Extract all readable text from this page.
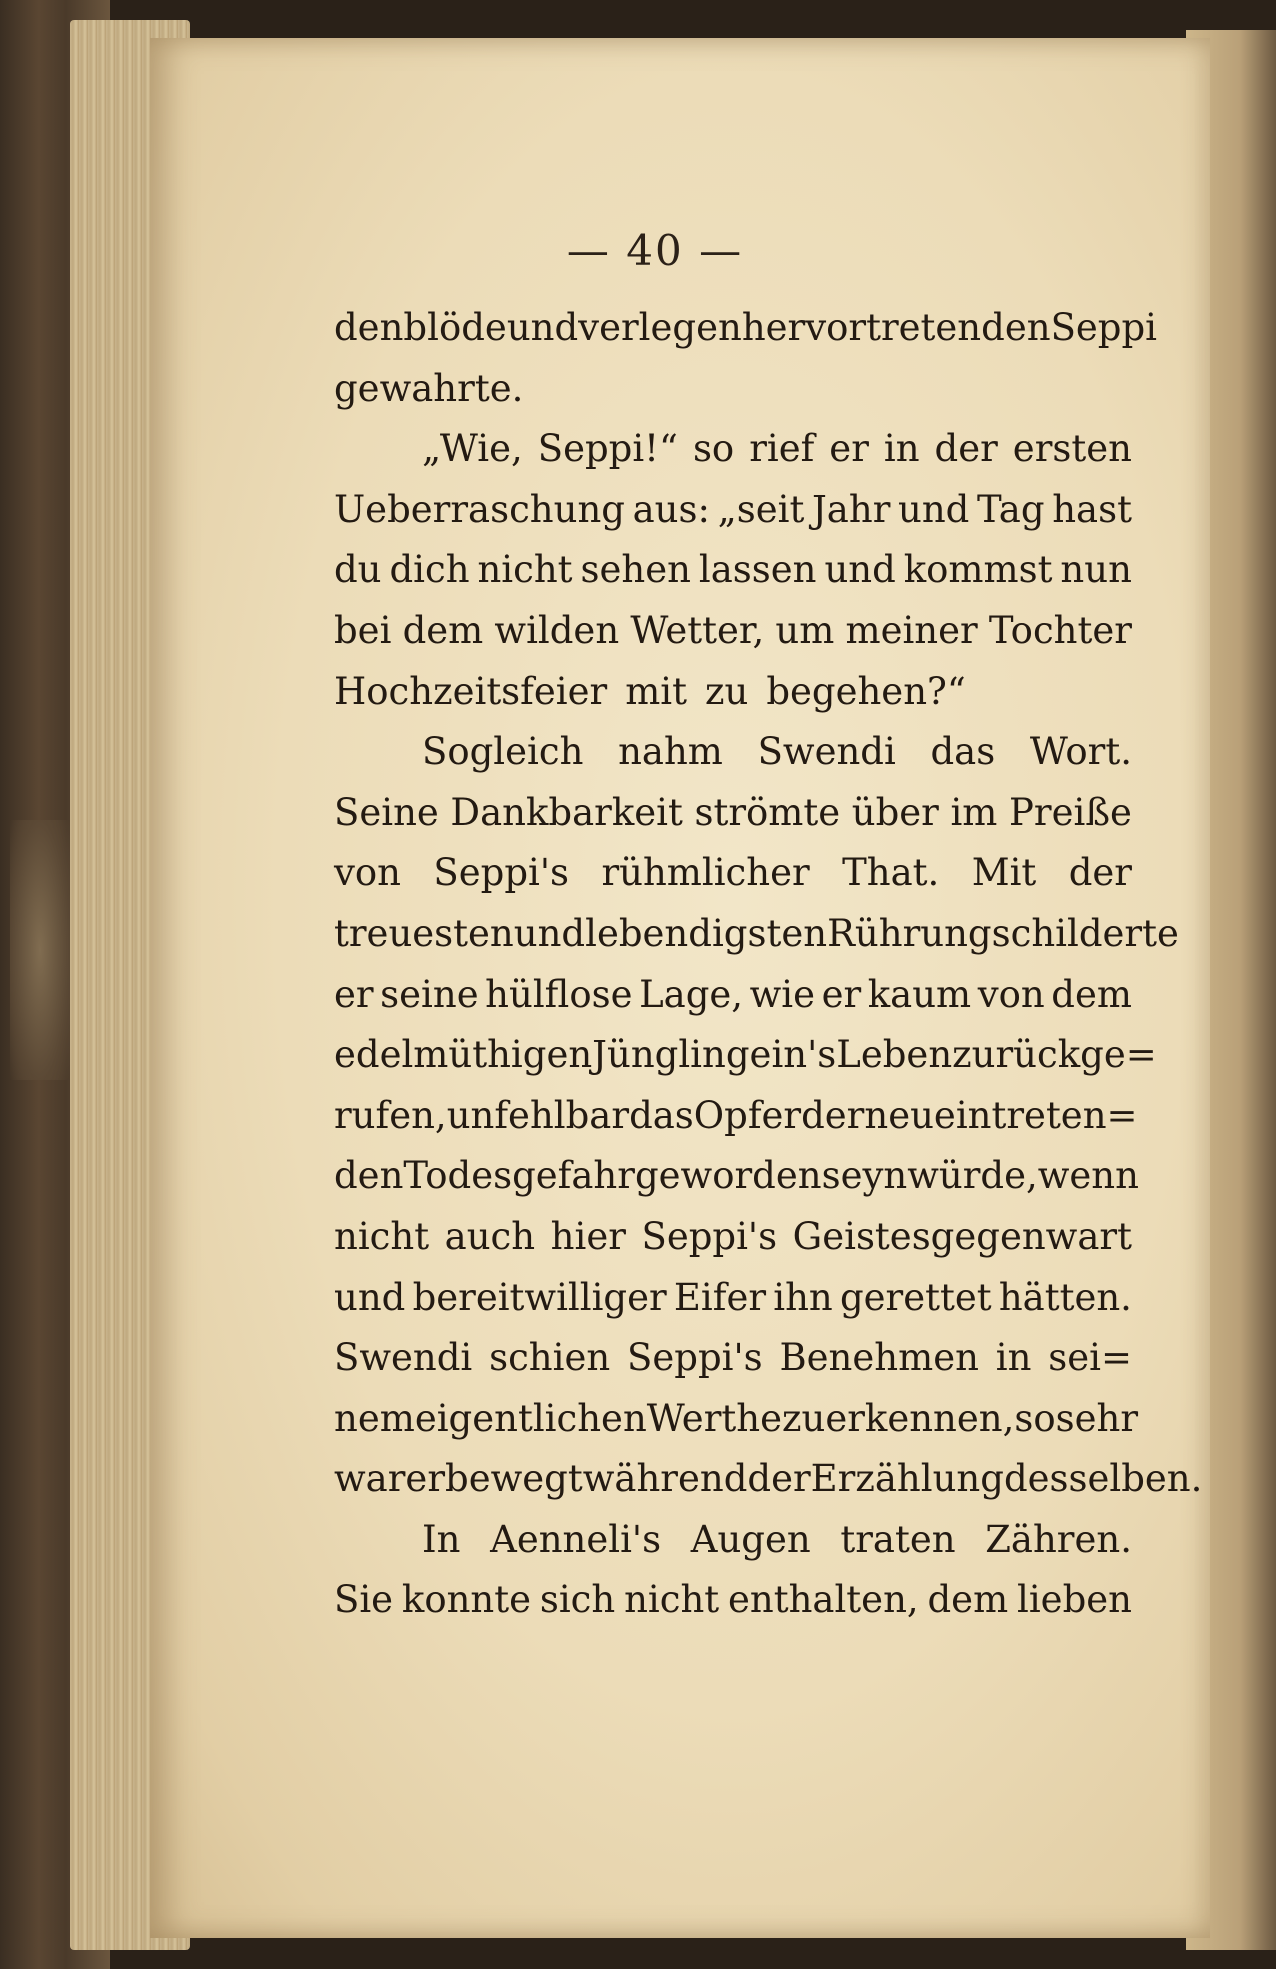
— 40 —
den blöde und verlegen hervortretenden Seppi
gewahrte.
„Wie, Seppi!“ so rief er in der ersten
Ueberraschung aus: „seit Jahr und Tag hast
du dich nicht sehen lassen und kommst nun
bei dem wilden Wetter, um meiner Tochter
Hochzeitsfeier mit zu begehen?“
Sogleich nahm Swendi das Wort.
Seine Dankbarkeit strömte über im Preiße
von Seppi's rühmlicher That. Mit der
treuesten und lebendigsten Rührung schilderte
er seine hülflose Lage, wie er kaum von dem
edelmüthigen Jünglinge in's Leben zurückge=
rufen, unfehlbar das Opfer der neueintreten=
den Todesgefahr geworden seyn würde, wenn
nicht auch hier Seppi's Geistesgegenwart
und bereitwilliger Eifer ihn gerettet hätten.
Swendi schien Seppi's Benehmen in sei=
nem eigentlichen Werthe zu erkennen, so sehr
war er bewegt während der Erzählung desselben.
In Aenneli's Augen traten Zähren.
Sie konnte sich nicht enthalten, dem lieben
